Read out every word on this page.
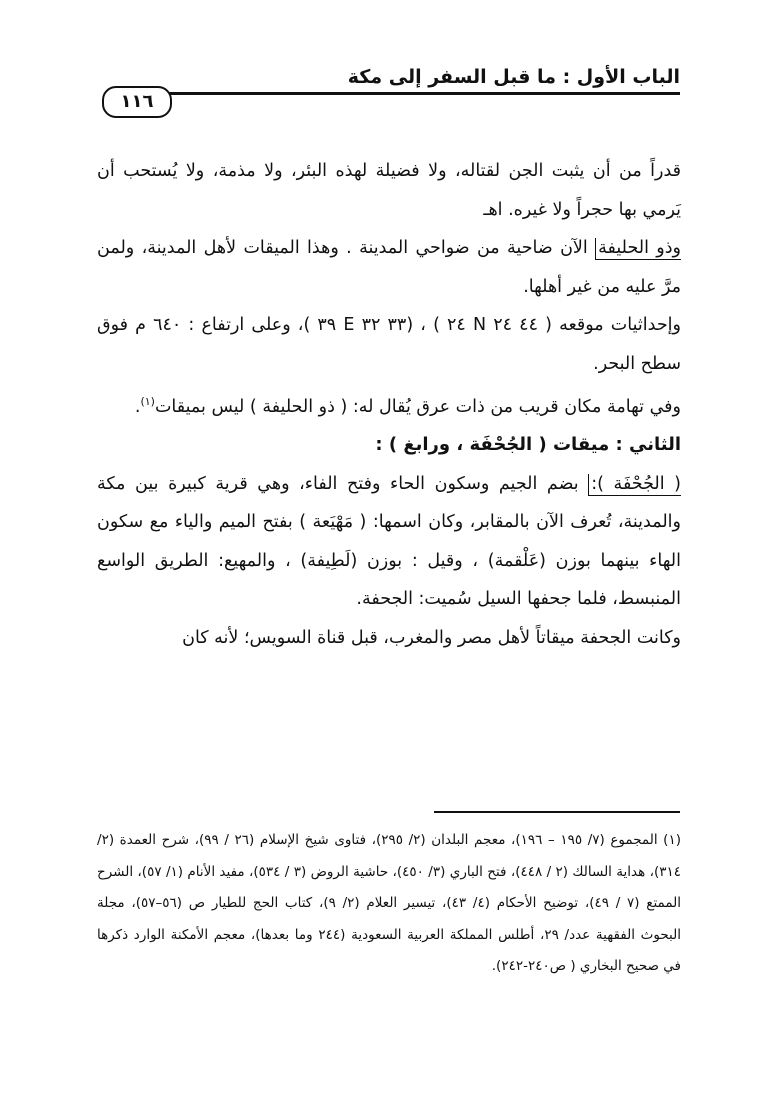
الباب الأول : ما قبل السفر إلى مكة
١١٦

قدراً من أن يثبت الجن لقتاله، ولا فضيلة لهذه البئر، ولا مذمة، ولا يُستحب أن يَرمي بها حجراً ولا غيره. اهـ

وذو الحليفة الآن ضاحية من ضواحي المدينة . وهذا الميقات لأهل المدينة، ولمن مرَّ عليه من غير أهلها.

وإحداثيات موقعه ( ٤٤ ٢٤ N ٢٤ ) ، (٣٣ ٣٢ E ٣٩ )، وعلى ارتفاع : ٦٤٠ م فوق سطح البحر.

وفي تهامة مكان قريب من ذات عرق يُقال له: ( ذو الحليفة ) ليس بميقات$^{(١)}$.

الثاني : ميقات ( الجُحْفَة ، ورابغ ) :

( الجُحْفَة ): بضم الجيم وسكون الحاء وفتح الفاء، وهي قرية كبيرة بين مكة والمدينة، تُعرف الآن بالمقابر، وكان اسمها: ( مَهْيَعة ) بفتح الميم والياء مع سكون الهاء بينهما بوزن (عَلْقمة) ، وقيل : بوزن (لَطِيفة) ، والمهيع: الطريق الواسع المنبسط، فلما جحفها السيل سُميت: الجحفة.

وكانت الجحفة ميقاتاً لأهل مصر والمغرب، قبل قناة السويس؛ لأنه كان

(١) المجموع (٧/ ١٩٥ – ١٩٦)، معجم البلدان (٢/ ٢٩٥)، فتاوى شيخ الإسلام (٢٦ / ٩٩)، شرح العمدة (٢/ ٣١٤)، هداية السالك (٢ / ٤٤٨)، فتح الباري (٣/ ٤٥٠)، حاشية الروض (٣ / ٥٣٤)، مفيد الأنام (١/ ٥٧)، الشرح الممتع (٧ / ٤٩)، توضيح الأحكام (٤/ ٤٣)، تيسير العلام (٢/ ٩)، كتاب الحج للطيار ص (٥٦–٥٧)، مجلة البحوث الفقهية عدد/ ٢٩، أطلس المملكة العربية السعودية (٢٤٤ وما بعدها)، معجم الأمكنة الوارد ذكرها في صحيح البخاري ( ص٢٤٠-٢٤٢).
